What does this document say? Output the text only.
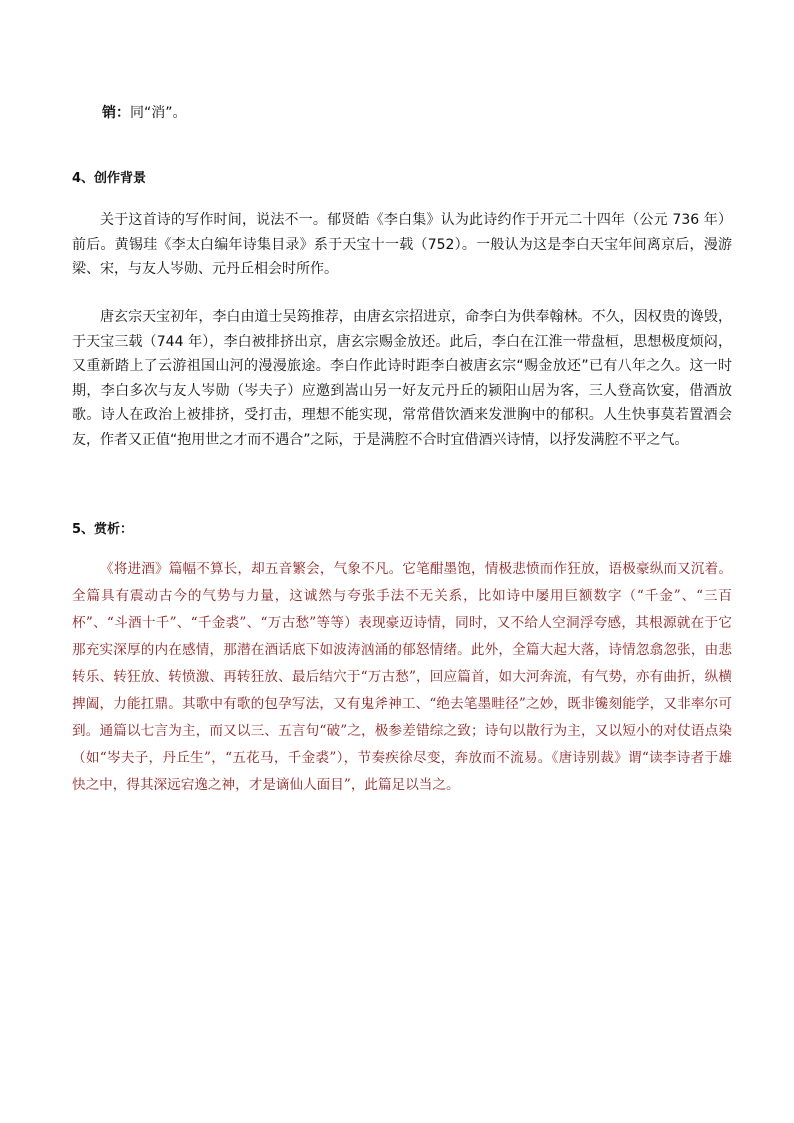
销：同“消”。
4、创作背景

关于这首诗的写作时间，说法不一。郁贤皓《李白集》认为此诗约作于开元二十四年（公元 736 年）前后。黄锡珪《李太白编年诗集目录》系于天宝十一载（752）。一般认为这是李白天宝年间离京后，漫游梁、宋，与友人岑勋、元丹丘相会时所作。

唐玄宗天宝初年，李白由道士吴筠推荐，由唐玄宗招进京，命李白为供奉翰林。不久，因权贵的谗毁，于天宝三载（744 年），李白被排挤出京，唐玄宗赐金放还。此后，李白在江淮一带盘桓，思想极度烦闷，又重新踏上了云游祖国山河的漫漫旅途。李白作此诗时距李白被唐玄宗“赐金放还”已有八年之久。这一时期，李白多次与友人岑勋（岑夫子）应邀到嵩山另一好友元丹丘的颍阳山居为客，三人登高饮宴，借酒放歌。诗人在政治上被排挤，受打击，理想不能实现，常常借饮酒来发泄胸中的郁积。人生快事莫若置酒会友，作者又正值“抱用世之才而不遇合”之际，于是满腔不合时宜借酒兴诗情，以抒发满腔不平之气。

5、赏析：

《将进酒》篇幅不算长，却五音繁会，气象不凡。它笔酣墨饱，情极悲愤而作狂放，语极豪纵而又沉着。全篇具有震动古今的气势与力量，这诚然与夸张手法不无关系，比如诗中屡用巨额数字（“千金”、“三百杯”、“斗酒十千”、“千金裘”、“万古愁”等等）表现豪迈诗情，同时，又不给人空洞浮夸感，其根源就在于它那充实深厚的内在感情，那潜在酒话底下如波涛汹涌的郁怒情绪。此外，全篇大起大落，诗情忽翕忽张，由悲转乐、转狂放、转愤激、再转狂放、最后结穴于“万古愁”，回应篇首，如大河奔流，有气势，亦有曲折，纵横捭阖，力能扛鼎。其歌中有歌的包孕写法，又有鬼斧神工、“绝去笔墨畦径”之妙，既非镵刻能学，又非率尔可到。通篇以七言为主，而又以三、五言句“破”之，极参差错综之致；诗句以散行为主，又以短小的对仗语点染（如“岑夫子，丹丘生”，“五花马，千金裘”），节奏疾徐尽变，奔放而不流易。《唐诗别裁》谓“读李诗者于雄快之中，得其深远宕逸之神，才是谪仙人面目”，此篇足以当之。
